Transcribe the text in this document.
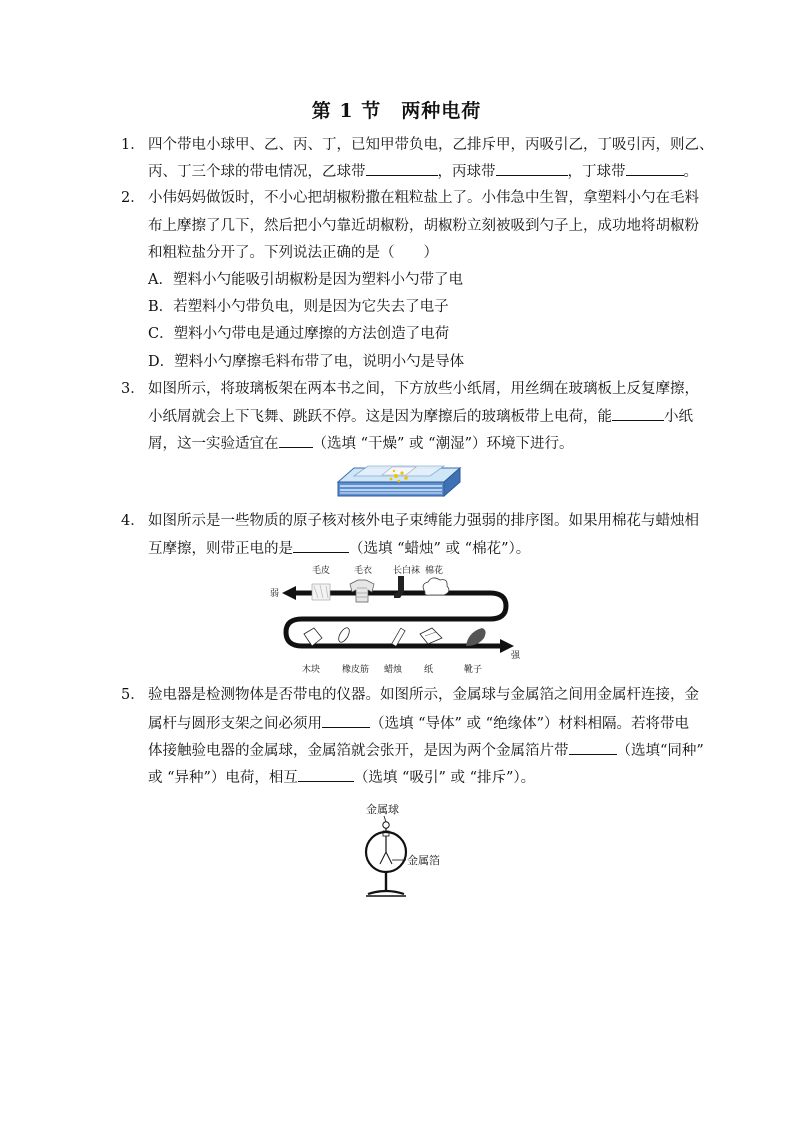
第 1 节　两种电荷
1． 四个带电小球甲、乙、丙、丁，已知甲带负电，乙排斥甲，丙吸引乙，丁吸引丙，则乙、
丙、丁三个球的带电情况，乙球带	，丙球带	，丁球带	。
2． 小伟妈妈做饭时，不小心把胡椒粉撒在粗粒盐上了。小伟急中生智，拿塑料小勺在毛料
布上摩擦了几下，然后把小勺靠近胡椒粉，胡椒粉立刻被吸到勺子上，成功地将胡椒粉
和粗粒盐分开了。下列说法正确的是（　　）
A．塑料小勺能吸引胡椒粉是因为塑料小勺带了电
B．若塑料小勺带负电，则是因为它失去了电子
C．塑料小勺带电是通过摩擦的方法创造了电荷
D．塑料小勺摩擦毛料布带了电，说明小勺是导体
3． 如图所示，将玻璃板架在两本书之间，下方放些小纸屑，用丝绸在玻璃板上反复摩擦，
小纸屑就会上下飞舞、跳跃不停。这是因为摩擦后的玻璃板带上电荷，能	小纸
屑，这一实验适宜在 （选填 “干燥” 或 “潮湿”）环境下进行。
4． 如图所示是一些物质的原子核对核外电子束缚能力强弱的排序图。如果用棉花与蜡烛相
互摩擦，则带正电的是	（选填 “蜡烛” 或 “棉花”）。
弱
强
毛皮	毛衣 长白袜 棉花
木块 橡皮筋 蜡烛 纸	靴子
5． 验电器是检测物体是否带电的仪器。如图所示，金属球与金属箔之间用金属杆连接，金
属杆与圆形支架之间必须用	（选填 “导体” 或 “绝缘体”）材料相隔。若将带电
体接触验电器的金属球，金属箔就会张开，是因为两个金属箔片带	（选填“同种”
或 “异种”）电荷，相互	（选填 “吸引” 或 “排斥”）。
金属球
金属箔
